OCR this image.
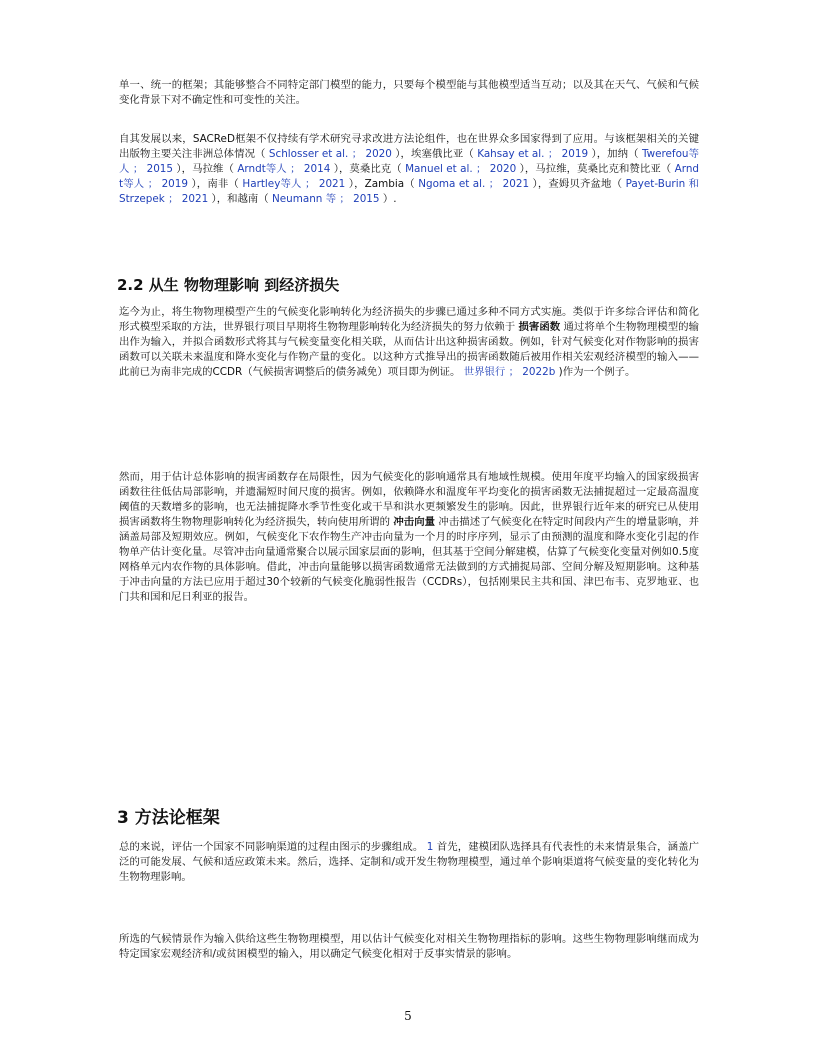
单一、统一的框架；其能够整合不同特定部门模型的能力，只要每个模型能与其他模型适当互动；以及其在天气、气候和气候变化背景下对不确定性和可变性的关注。

自其发展以来，SACReD框架不仅持续有学术研究寻求改进方法论组件，也在世界众多国家得到了应用。与该框架相关的关键出版物主要关注非洲总体情况（ Schlosser et al. ； 2020 ），埃塞俄比亚（ Kahsay et al. ； 2019 ），加纳（ Twerefou等人 ； 2015 ），马拉维（ Arndt等人 ； 2014 ），莫桑比克（ Manuel et al. ； 2020 ），马拉维，莫桑比克和赞比亚（ Arndt等人 ； 2019 ），南非（ Hartley等人 ； 2021 ），Zambia（ Ngoma et al. ； 2021 ），查姆贝齐盆地（ Payet-Burin 和 Strzepek ； 2021 ），和越南（ Neumann 等 ； 2015 ）.

2.2 从生 物物理影响 到经济损失

迄今为止，将生物物理模型产生的气候变化影响转化为经济损失的步骤已通过多种不同方式实施。类似于许多综合评估和简化形式模型采取的方法，世界银行项目早期将生物物理影响转化为经济损失的努力依赖于 损害函数 通过将单个生物物理模型的输出作为输入，并拟合函数形式将其与气候变量变化相关联，从而估计出这种损害函数。例如，针对气候变化对作物影响的损害函数可以关联未来温度和降水变化与作物产量的变化。以这种方式推导出的损害函数随后被用作相关宏观经济模型的输入——此前已为南非完成的CCDR（气候损害调整后的债务减免）项目即为例证。 世界银行 ； 2022b )作为一个例子。

然而，用于估计总体影响的损害函数存在局限性，因为气候变化的影响通常具有地域性规模。使用年度平均输入的国家级损害函数往往低估局部影响，并遗漏短时间尺度的损害。例如，依赖降水和温度年平均变化的损害函数无法捕捉超过一定最高温度阈值的天数增多的影响，也无法捕捉降水季节性变化或干旱和洪水更频繁发生的影响。因此，世界银行近年来的研究已从使用损害函数将生物物理影响转化为经济损失，转向使用所谓的 冲击向量 冲击描述了气候变化在特定时间段内产生的增量影响，并涵盖局部及短期效应。例如，气候变化下农作物生产冲击向量为一个月的时序序列，显示了由预测的温度和降水变化引起的作物单产估计变化量。尽管冲击向量通常聚合以展示国家层面的影响，但其基于空间分解建模，估算了气候变化变量对例如0.5度网格单元内农作物的具体影响。借此，冲击向量能够以损害函数通常无法做到的方式捕捉局部、空间分解及短期影响。这种基于冲击向量的方法已应用于超过30个较新的气候变化脆弱性报告（CCDRs），包括刚果民主共和国、津巴布韦、克罗地亚、也门共和国和尼日利亚的报告。

3 方法论框架

总的来说，评估一个国家不同影响渠道的过程由图示的步骤组成。 1 首先，建模团队选择具有代表性的未来情景集合，涵盖广泛的可能发展、气候和适应政策未来。然后，选择、定制和/或开发生物物理模型，通过单个影响渠道将气候变量的变化转化为生物物理影响。

所选的气候情景作为输入供给这些生物物理模型，用以估计气候变化对相关生物物理指标的影响。这些生物物理影响继而成为特定国家宏观经济和/或贫困模型的输入，用以确定气候变化相对于反事实情景的影响。

5
